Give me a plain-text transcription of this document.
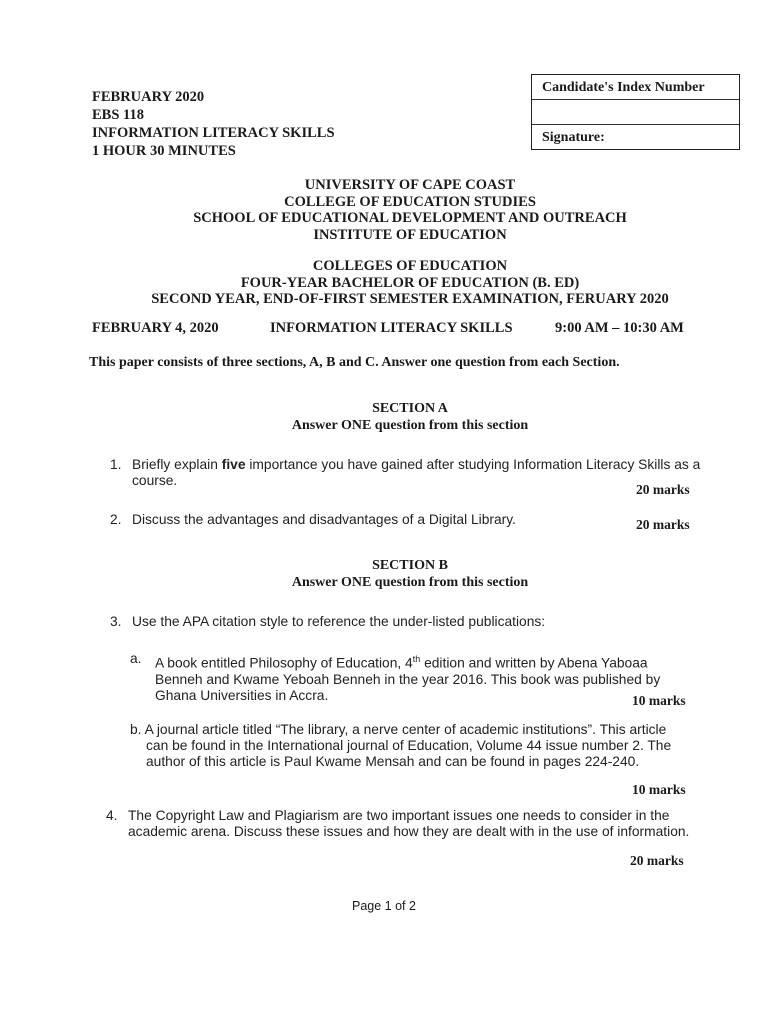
FEBRUARY 2020
EBS 118
INFORMATION LITERACY SKILLS
1 HOUR 30 MINUTES
Candidate's Index Number
Signature:
UNIVERSITY OF CAPE COAST
COLLEGE OF EDUCATION STUDIES
SCHOOL OF EDUCATIONAL DEVELOPMENT AND OUTREACH
INSTITUTE OF EDUCATION
COLLEGES OF EDUCATION
FOUR-YEAR BACHELOR OF EDUCATION (B. ED)
SECOND YEAR, END-OF-FIRST SEMESTER EXAMINATION, FERUARY 2020
FEBRUARY 4, 2020	INFORMATION LITERACY SKILLS	9:00 AM – 10:30 AM
This paper consists of three sections, A, B and C. Answer one question from each Section.
SECTION A
Answer ONE question from this section
1. Briefly explain five importance you have gained after studying Information Literacy Skills as a
course.
20 marks
2. Discuss the advantages and disadvantages of a Digital Library.	20 marks
SECTION B
Answer ONE question from this section
3. Use the APA citation style to reference the under-listed publications:
a. A book entitled Philosophy of Education, 4th edition and written by Abena Yaboaa
Benneh and Kwame Yeboah Benneh in the year 2016. This book was published by
Ghana Universities in Accra.	10 marks
b. A journal article titled “The library, a nerve center of academic institutions”. This article
can be found in the International journal of Education, Volume 44 issue number 2. The
author of this article is Paul Kwame Mensah and can be found in pages 224-240.
10 marks
4. The Copyright Law and Plagiarism are two important issues one needs to consider in the
academic arena. Discuss these issues and how they are dealt with in the use of information.
20 marks
Page 1 of 2
